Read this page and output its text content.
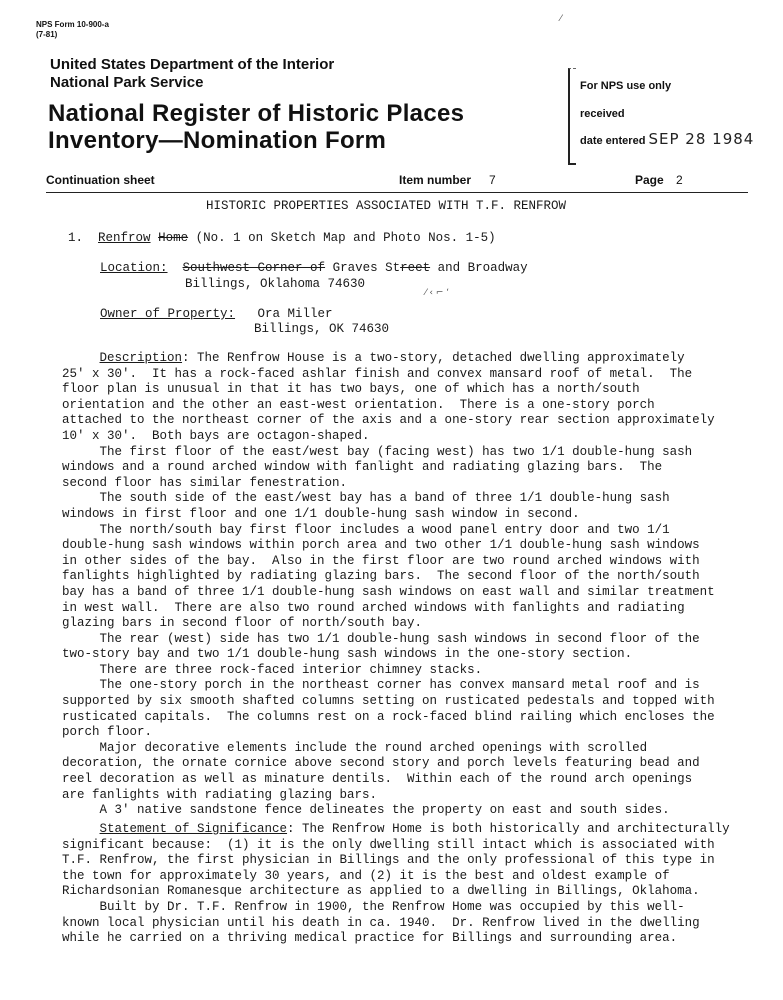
NPS Form 10-900-a
(7-81)
United States Department of the Interior
National Park Service
National Register of Historic Places
Inventory—Nomination Form
For NPS use only
received
date entered SEP 28 1984
Continuation sheet	Item number 7	Page 2
HISTORIC PROPERTIES ASSOCIATED WITH T.F. RENFROW
1. Renfrow Home (No. 1 on Sketch Map and Photo Nos. 1-5)
Location: Southwest Corner of Graves Street and Broadway
Billings, Oklahoma 74630
Owner of Property: Ora Miller
Billings, OK 74630

Description: The Renfrow House is a two-story, detached dwelling approximately

25' x 30'.  It has a rock-faced ashlar finish and convex mansard roof of metal.  The

floor plan is unusual in that it has two bays, one of which has a north/south

orientation and the other an east-west orientation.  There is a one-story porch

attached to the northeast corner of the axis and a one-story rear section approximately

10' x 30'.  Both bays are octagon-shaped.

The first floor of the east/west bay (facing west) has two 1/1 double-hung sash

windows and a round arched window with fanlight and radiating glazing bars.  The

second floor has similar fenestration.

The south side of the east/west bay has a band of three 1/1 double-hung sash

windows in first floor and one 1/1 double-hung sash window in second.

The north/south bay first floor includes a wood panel entry door and two 1/1

double-hung sash windows within porch area and two other 1/1 double-hung sash windows

in other sides of the bay.  Also in the first floor are two round arched windows with

fanlights highlighted by radiating glazing bars.  The second floor of the north/south

bay has a band of three 1/1 double-hung sash windows on east wall and similar treatment

in west wall.  There are also two round arched windows with fanlights and radiating

glazing bars in second floor of north/south bay.

The rear (west) side has two 1/1 double-hung sash windows in second floor of the

two-story bay and two 1/1 double-hung sash windows in the one-story section.

There are three rock-faced interior chimney stacks.

The one-story porch in the northeast corner has convex mansard metal roof and is

supported by six smooth shafted columns setting on rusticated pedestals and topped with

rusticated capitals.  The columns rest on a rock-faced blind railing which encloses the

porch floor.

Major decorative elements include the round arched openings with scrolled

decoration, the ornate cornice above second story and porch levels featuring bead and

reel decoration as well as minature dentils.  Within each of the round arch openings

are fanlights with radiating glazing bars.

A 3' native sandstone fence delineates the property on east and south sides.

Statement of Significance: The Renfrow Home is both historically and architecturally

significant because:  (1) it is the only dwelling still intact which is associated with

T.F. Renfrow, the first physician in Billings and the only professional of this type in

the town for approximately 30 years, and (2) it is the best and oldest example of

Richardsonian Romanesque architecture as applied to a dwelling in Billings, Oklahoma.

Built by Dr. T.F. Renfrow in 1900, the Renfrow Home was occupied by this well-

known local physician until his death in ca. 1940.  Dr. Renfrow lived in the dwelling

while he carried on a thriving medical practice for Billings and surrounding area.

⁄
⁄ ‹ ⌐ ‘
